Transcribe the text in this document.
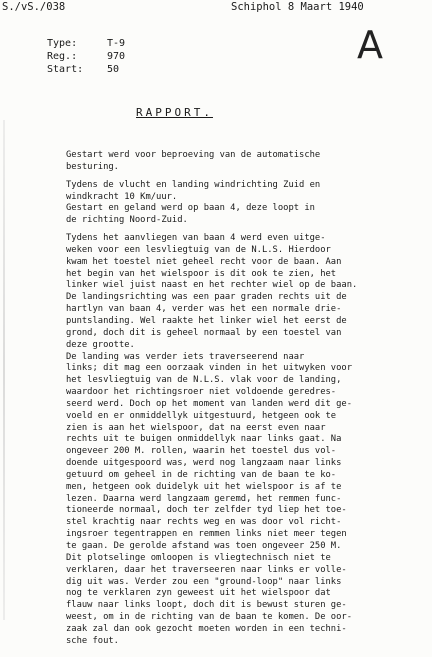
S./vS./038	Schiphol 8 Maart 1940
A
Type:	T-9
Reg.:	970
Start: 50
RAPPORT.
Gestart werd voor beproeving van de automatische
besturing.
Tydens de vlucht en landing windrichting Zuid en
windkracht 10 Km/uur.
Gestart en geland werd op baan 4, deze loopt in
de richting Noord-Zuid.
Tydens het aanvliegen van baan 4 werd even uitge-
weken voor een lesvliegtuig van de N.L.S. Hierdoor
kwam het toestel niet geheel recht voor de baan. Aan
het begin van het wielspoor is dit ook te zien, het
linker wiel juist naast en het rechter wiel op de baan.
De landingsrichting was een paar graden rechts uit de
hartlyn van baan 4, verder was het een normale drie-
puntslanding. Wel raakte het linker wiel het eerst de
grond, doch dit is geheel normaal by een toestel van
deze grootte.
De landing was verder iets traverseerend naar
links; dit mag een oorzaak vinden in het uitwyken voor
het lesvliegtuig van de N.L.S. vlak voor de landing,
waardoor het richtingsroer niet voldoende geredres-
seerd werd. Doch op het moment van landen werd dit ge-
voeld en er onmiddellyk uitgestuurd, hetgeen ook te
zien is aan het wielspoor, dat na eerst even naar
rechts uit te buigen onmiddellyk naar links gaat. Na
ongeveer 200 M. rollen, waarin het toestel dus vol-
doende uitgespoord was, werd nog langzaam naar links
getuurd om geheel in de richting van de baan te ko-
men, hetgeen ook duidelyk uit het wielspoor is af te
lezen. Daarna werd langzaam geremd, het remmen func-
tioneerde normaal, doch ter zelfder tyd liep het toe-
stel krachtig naar rechts weg en was door vol richt-
ingsroer tegentrappen en remmen links niet meer tegen
te gaan. De gerolde afstand was toen ongeveer 250 M.
Dit plotselinge omloopen is vliegtechnisch niet te
verklaren, daar het traverseeren naar links er volle-
dig uit was. Verder zou een "ground-loop" naar links
nog te verklaren zyn geweest uit het wielspoor dat
flauw naar links loopt, doch dit is bewust sturen ge-
weest, om in de richting van de baan te komen. De oor-
zaak zal dan ook gezocht moeten worden in een techni-
sche fout.
